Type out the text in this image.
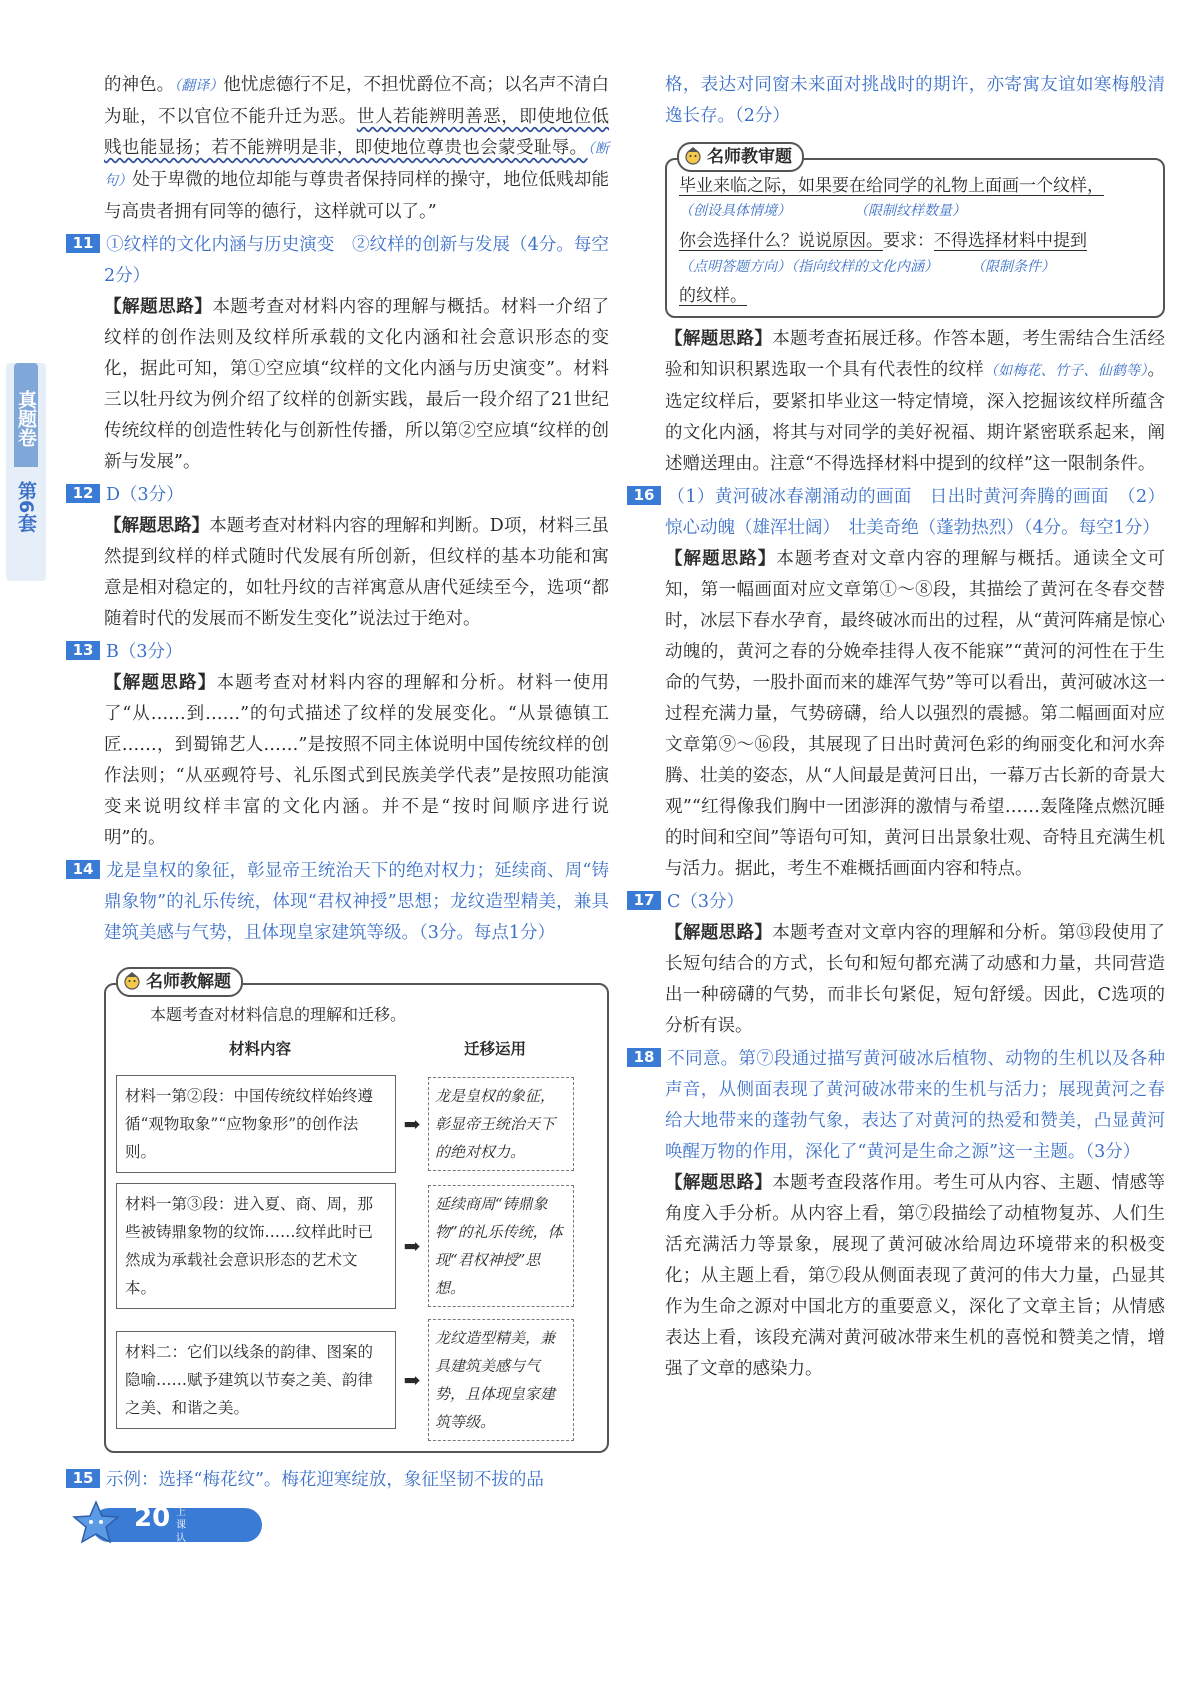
真题卷
第6套

的神色。（翻译）他忧虑德行不足，不担忧爵位不高；以名声不清白为耻，不以官位不能升迁为恶。世人若能辨明善恶，即使地位低贱也能显扬；若不能辨明是非，即使地位尊贵也会蒙受耻辱。（断句）处于卑微的地位却能与尊贵者保持同样的操守，地位低贱却能与高贵者拥有同等的德行，这样就可以了。”

11 ①纹样的文化内涵与历史演变　②纹样的创新与发展（4分。每空2分）

【解题思路】本题考查对材料内容的理解与概括。材料一介绍了纹样的创作法则及纹样所承载的文化内涵和社会意识形态的变化，据此可知，第①空应填“纹样的文化内涵与历史演变”。材料三以牡丹纹为例介绍了纹样的创新实践，最后一段介绍了21世纪传统纹样的创造性转化与创新性传播，所以第②空应填“纹样的创新与发展”。

12 D（3分）

【解题思路】本题考查对材料内容的理解和判断。D项，材料三虽然提到纹样的样式随时代发展有所创新，但纹样的基本功能和寓意是相对稳定的，如牡丹纹的吉祥寓意从唐代延续至今，选项“都随着时代的发展而不断发生变化”说法过于绝对。

13 B（3分）

【解题思路】本题考查对材料内容的理解和分析。材料一使用了“从……到……”的句式描述了纹样的发展变化。“从景德镇工匠……，到蜀锦艺人……”是按照不同主体说明中国传统纹样的创作法则；“从巫觋符号、礼乐图式到民族美学代表”是按照功能演变来说明纹样丰富的文化内涵。并不是“按时间顺序进行说明”的。

14 龙是皇权的象征，彰显帝王统治天下的绝对权力；延续商、周“铸鼎象物”的礼乐传统，体现“君权神授”思想；龙纹造型精美，兼具建筑美感与气势，且体现皇家建筑等级。（3分。每点1分）

名师教解题

本题考查对材料信息的理解和迁移。

材料内容	迁移运用
材料一第②段：中国传统纹样始终遵循“观物取象”“应物象形”的创作法则。
➡
龙是皇权的象征，彰显帝王统治天下的绝对权力。
材料一第③段：进入夏、商、周，那些被铸鼎象物的纹饰……纹样此时已然成为承载社会意识形态的艺术文本。
➡
延续商周“铸鼎象物”的礼乐传统，体现“君权神授”思想。
材料二：它们以线条的韵律、图案的隐喻……赋予建筑以节奏之美、韵律之美、和谐之美。
➡
龙纹造型精美，兼具建筑美感与气势，且体现皇家建筑等级。

15 示例：选择“梅花纹”。梅花迎寒绽放，象征坚韧不拔的品

格，表达对同窗未来面对挑战时的期许，亦寄寓友谊如寒梅般清逸长存。（2分）

名师教审题

毕业来临之际，如果要在给同学的礼物上面画一个纹样，

（创设具体情境）	（限制纹样数量）

你会选择什么？说说原因。要求：不得选择材料中提到

（点明答题方向）（指向纹样的文化内涵）	（限制条件）

的纹样。

【解题思路】本题考查拓展迁移。作答本题，考生需结合生活经验和知识积累选取一个具有代表性的纹样（如梅花、竹子、仙鹤等）。选定纹样后，要紧扣毕业这一特定情境，深入挖掘该纹样所蕴含的文化内涵，将其与对同学的美好祝福、期许紧密联系起来，阐述赠送理由。注意“不得选择材料中提到的纹样”这一限制条件。

16 （1）黄河破冰春潮涌动的画面　日出时黄河奔腾的画面　（2）惊心动魄（雄浑壮阔）　壮美奇绝（蓬勃热烈）（4分。每空1分）

【解题思路】本题考查对文章内容的理解与概括。通读全文可知，第一幅画面对应文章第①～⑧段，其描绘了黄河在冬春交替时，冰层下春水孕育，最终破冰而出的过程，从“黄河阵痛是惊心动魄的，黄河之春的分娩牵挂得人夜不能寐”“黄河的河性在于生命的气势，一股扑面而来的雄浑气势”等可以看出，黄河破冰这一过程充满力量，气势磅礴，给人以强烈的震撼。第二幅画面对应文章第⑨～⑯段，其展现了日出时黄河色彩的绚丽变化和河水奔腾、壮美的姿态，从“人间最是黄河日出，一幕万古长新的奇景大观”“红得像我们胸中一团澎湃的激情与希望……轰隆隆点燃沉睡的时间和空间”等语句可知，黄河日出景象壮观、奇特且充满生机与活力。据此，考生不难概括画面内容和特点。

17 C（3分）

【解题思路】本题考查对文章内容的理解和分析。第⑬段使用了长短句结合的方式，长句和短句都充满了动感和力量，共同营造出一种磅礴的气势，而非长句紧促，短句舒缓。因此，C选项的分析有误。

18 不同意。第⑦段通过描写黄河破冰后植物、动物的生机以及各种声音，从侧面表现了黄河破冰带来的生机与活力；展现黄河之春给大地带来的蓬勃气象，表达了对黄河的热爱和赞美，凸显黄河唤醒万物的作用，深化了“黄河是生命之源”这一主题。（3分）

【解题思路】本题考查段落作用。考生可从内容、主题、情感等角度入手分析。从内容上看，第⑦段描绘了动植物复苏、人们生活充满活力等景象，展现了黄河破冰给周边环境带来的积极变化；从主题上看，第⑦段从侧面表现了黄河的伟大力量，凸显其作为生命之源对中国北方的重要意义，深化了文章主旨；从情感表达上看，该段充满对黄河破冰带来生机的喜悦和赞美之情，增强了文章的感染力。

20 上课认真听
下课练天星
